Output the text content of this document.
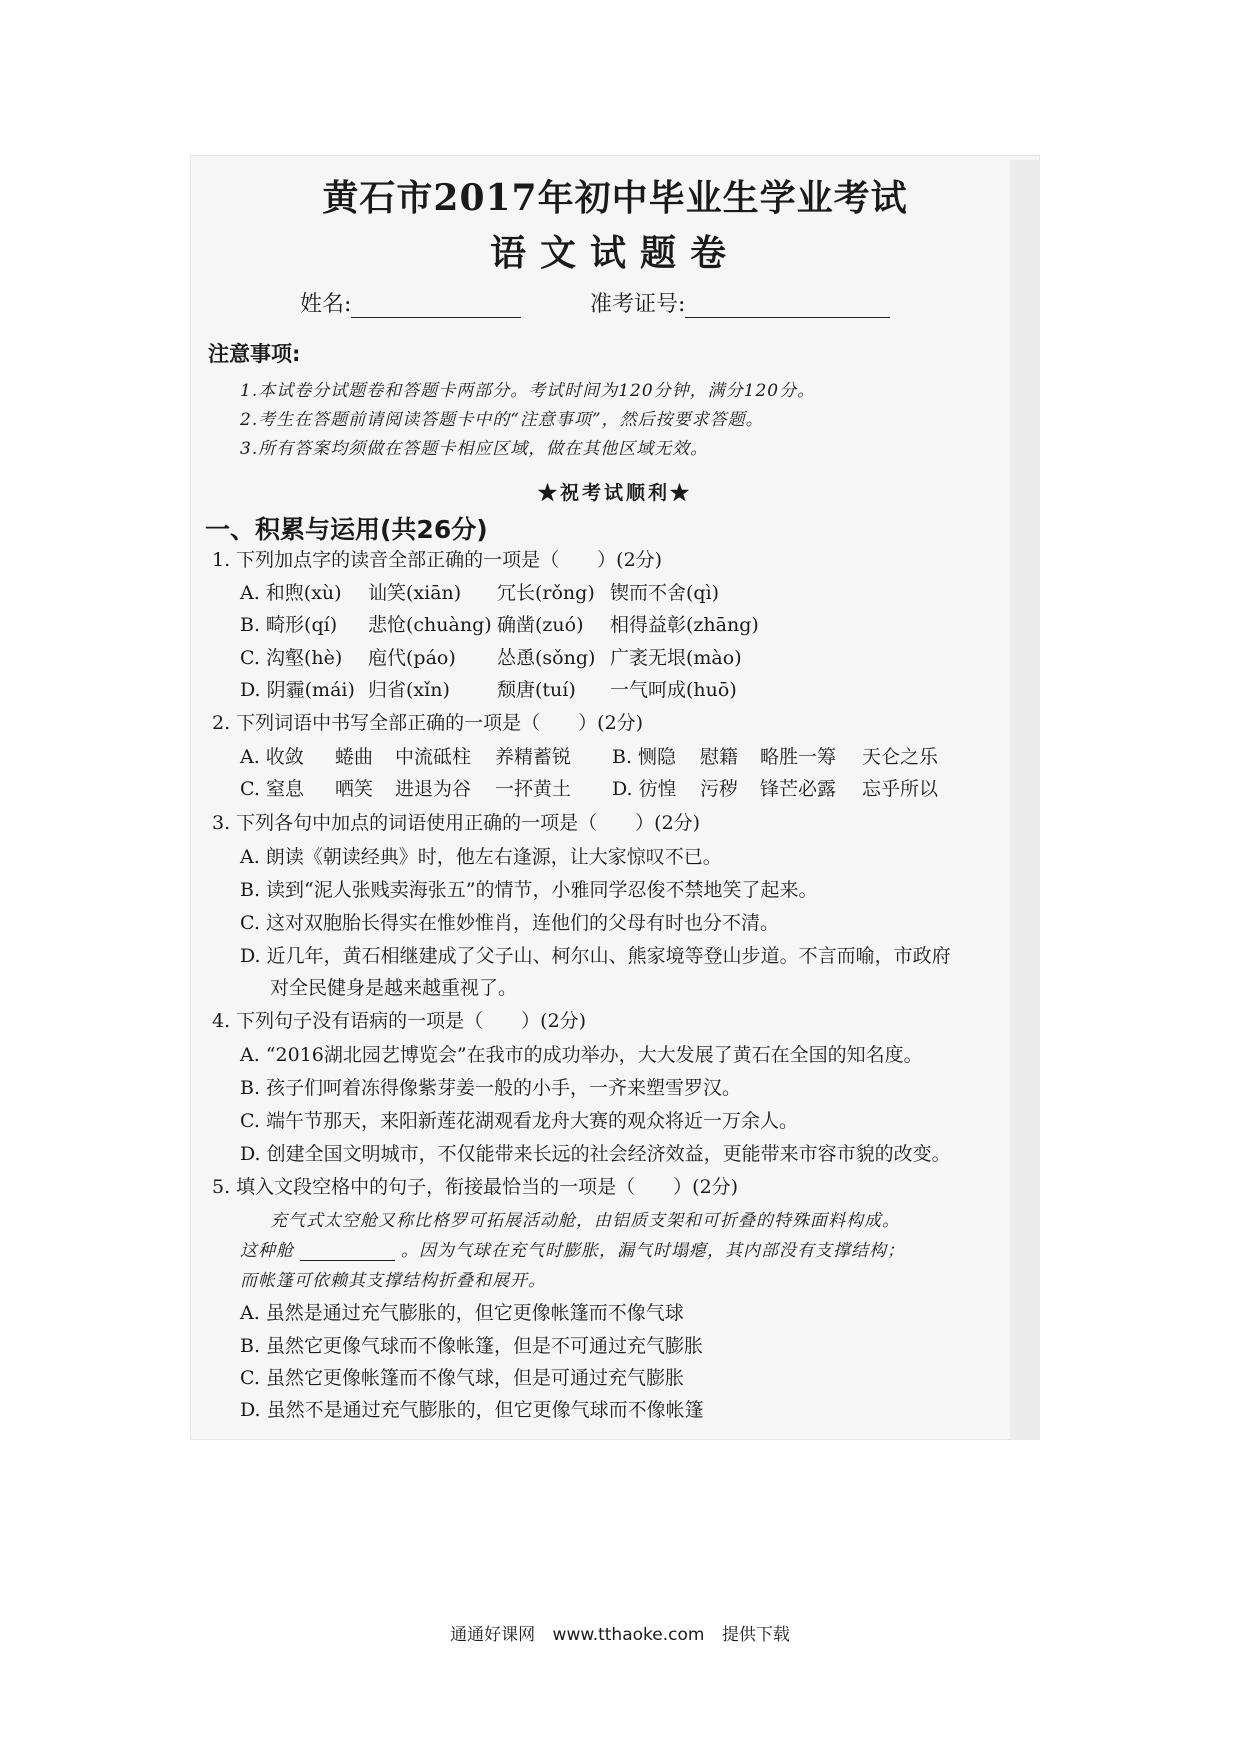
黄石市2017年初中毕业生学业考试
语文试题卷
姓名:	准考证号:
注意事项:
1.本试卷分试题卷和答题卡两部分。考试时间为120分钟，满分120分。
2.考生在答题前请阅读答题卡中的“注意事项”，然后按要求答题。
3.所有答案均须做在答题卡相应区域，做在其他区域无效。
★祝考试顺利★
一、积累与运用(共26分)
1. 下列加点字的读音全部正确的一项是（　　）(2分)
A. 和煦(xù) 讪笑(xiān) 冗长(rǒng) 锲而不舍(qì)
B. 畸形(qí) 悲怆(chuàng) 确凿(zuó) 相得益彰(zhāng)
C. 沟壑(hè) 庖代(páo) 怂恿(sǒng) 广袤无垠(mào)
D. 阴霾(mái) 归省(xǐn) 颓唐(tuí) 一气呵成(huō)
2. 下列词语中书写全部正确的一项是（　　）(2分)
A. 收敛 蜷曲 中流砥柱 养精蓄锐 B. 恻隐 慰籍 略胜一筹 天仑之乐
C. 窒息 哂笑 进退为谷 一抔黄土 D. 彷惶 污秽 锋芒必露 忘乎所以
3. 下列各句中加点的词语使用正确的一项是（　　）(2分)
A. 朗读《朝读经典》时，他左右逢源，让大家惊叹不已。
B. 读到“泥人张贱卖海张五”的情节，小雅同学忍俊不禁地笑了起来。
C. 这对双胞胎长得实在惟妙惟肖，连他们的父母有时也分不清。
D. 近几年，黄石相继建成了父子山、柯尔山、熊家境等登山步道。不言而喻，市政府
对全民健身是越来越重视了。
4. 下列句子没有语病的一项是（　　）(2分)
A. “2016湖北园艺博览会”在我市的成功举办，大大发展了黄石在全国的知名度。
B. 孩子们呵着冻得像紫芽姜一般的小手，一齐来塑雪罗汉。
C. 端午节那天，来阳新莲花湖观看龙舟大赛的观众将近一万余人。
D. 创建全国文明城市，不仅能带来长远的社会经济效益，更能带来市容市貌的改变。
5. 填入文段空格中的句子，衔接最恰当的一项是（　　）(2分)
充气式太空舱又称比格罗可拓展活动舱，由铝质支架和可折叠的特殊面料构成。
这种舱	。因为气球在充气时膨胀，漏气时塌瘪，其内部没有支撑结构；
而帐篷可依赖其支撑结构折叠和展开。
A. 虽然是通过充气膨胀的，但它更像帐篷而不像气球
B. 虽然它更像气球而不像帐篷，但是不可通过充气膨胀
C. 虽然它更像帐篷而不像气球，但是可通过充气膨胀
D. 虽然不是通过充气膨胀的，但它更像气球而不像帐篷
通通好课网 www.tthaoke.com 提供下载
